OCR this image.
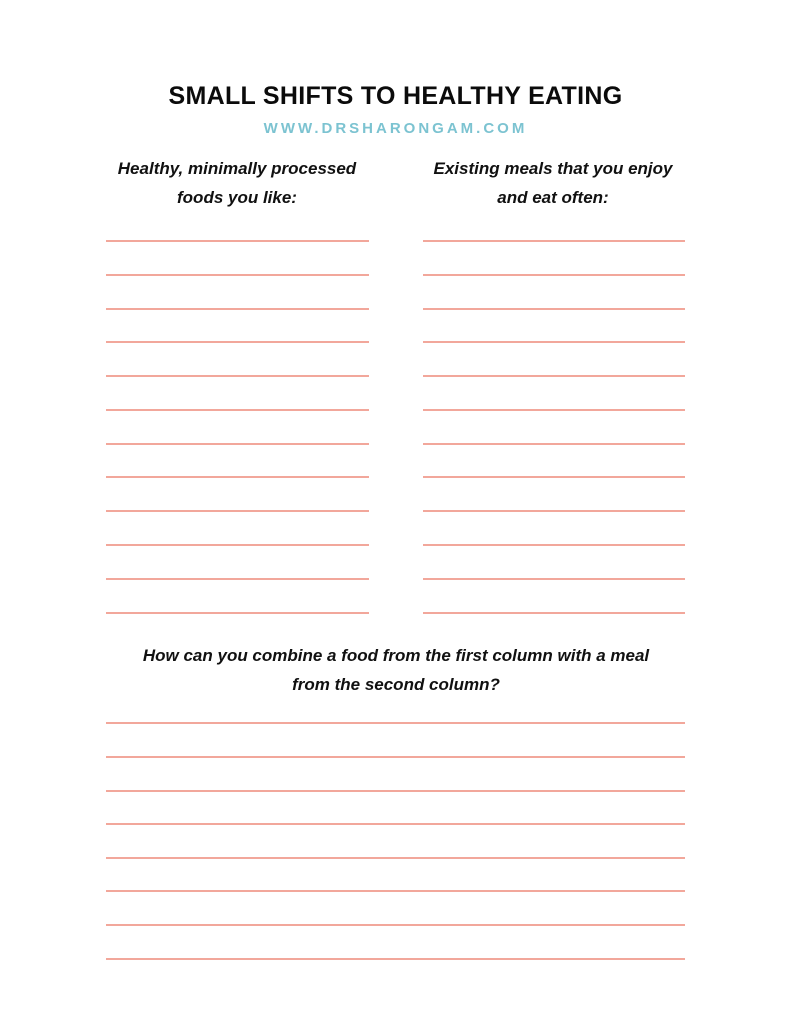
SMALL SHIFTS TO HEALTHY EATING
WWW.DRSHARONGAM.COM
Healthy, minimally processed
foods you like:
Existing meals that you enjoy
and eat often:
How can you combine a food from the first column with a meal
from the second column?
